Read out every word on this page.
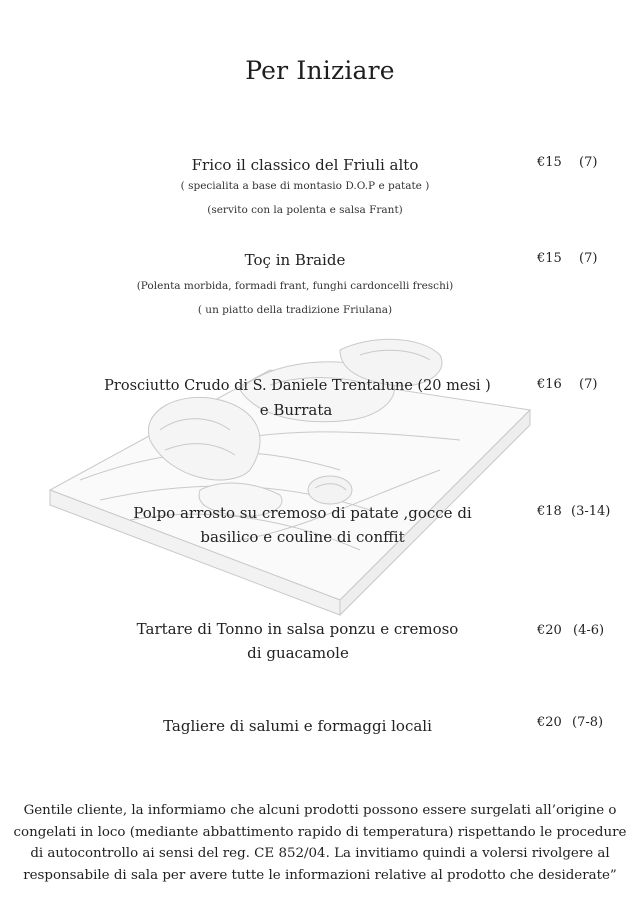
Per Iniziare
Frico il classico del Friuli alto
( specialita a base di montasio D.O.P e patate )
(servito con la polenta e salsa Frant)
€15 (7)
Toç in Braide
(Polenta morbida, formadi frant, funghi cardoncelli freschi)
( un piatto della tradizione Friulana)
€15 (7)
Prosciutto Crudo di S. Daniele Trentalune (20 mesi )
e Burrata
€16 (7)
Polpo arrosto su cremoso di patate ,gocce di
basilico e couline di conffit
€18 (3-14)
Tartare di Tonno in salsa ponzu e cremoso
di guacamole
€20 (4-6)
Tagliere di salumi e formaggi locali	€20 (7-8)
Gentile cliente, la informiamo che alcuni prodotti possono essere surgelati all’origine o
congelati in loco (mediante abbattimento rapido di temperatura) rispettando le procedure
di autocontrollo ai sensi del reg. CE 852/04. La invitiamo quindi a volersi rivolgere al
responsabile di sala per avere tutte le informazioni relative al prodotto che desiderate”
